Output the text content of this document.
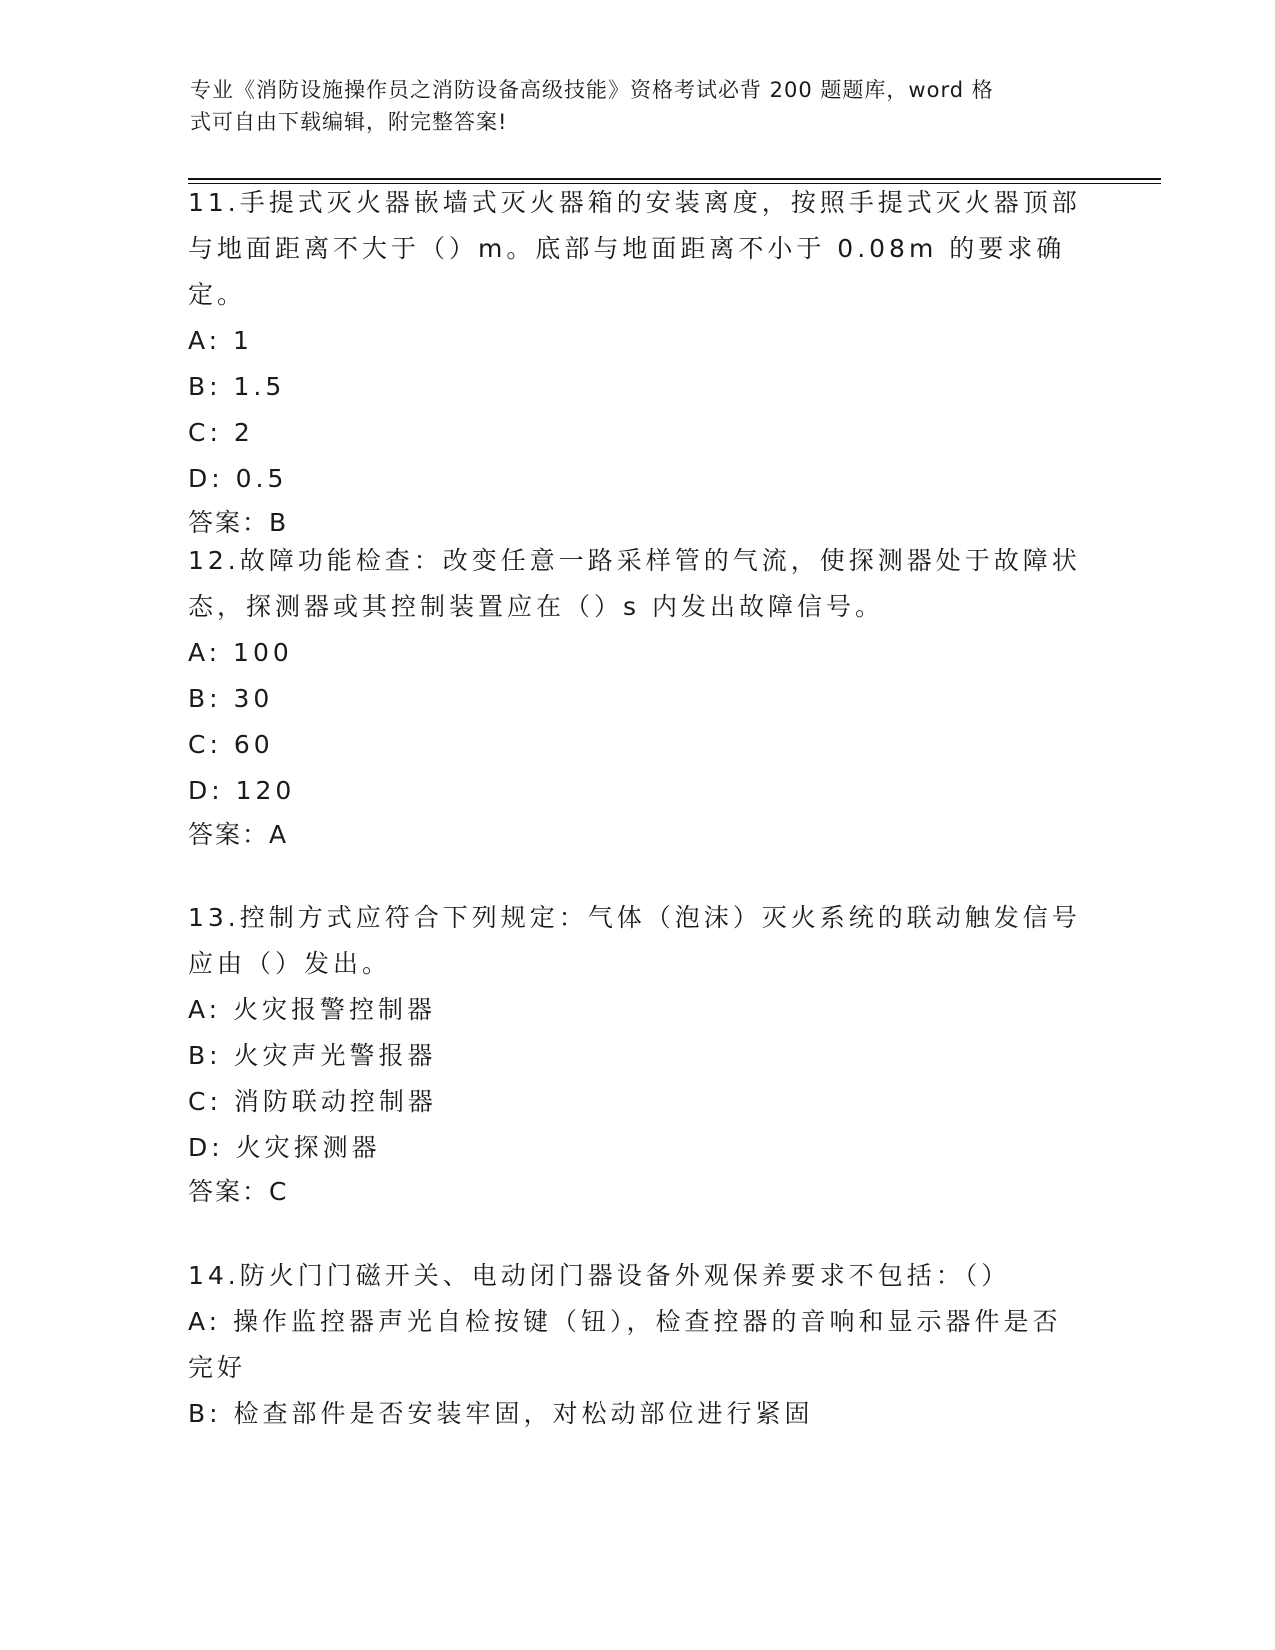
专业《消防设施操作员之消防设备高级技能》资格考试必背 200 题题库，word 格
式可自由下载编辑，附完整答案!
11.手提式灭火器嵌墙式灭火器箱的安装离度，按照手提式灭火器顶部
与地面距离不大于（）m。底部与地面距离不小于 0.08m 的要求确定。
A: 1
B: 1.5
C: 2
D: 0.5
答案：B
12.故障功能检查：改变任意一路采样管的气流，使探测器处于故障状
态，探测器或其控制装置应在（）s 内发出故障信号。
A: 100
B: 30
C: 60
D: 120
答案：A
13.控制方式应符合下列规定：气体（泡沫）灭火系统的联动触发信号
应由（）发出。
A: 火灾报警控制器
B: 火灾声光警报器
C: 消防联动控制器
D: 火灾探测器
答案：C
14.防火门门磁开关、电动闭门器设备外观保养要求不包括：（）
A: 操作监控器声光自检按键（钮），检查控器的音响和显示器件是否
完好
B: 检查部件是否安装牢固，对松动部位进行紧固
